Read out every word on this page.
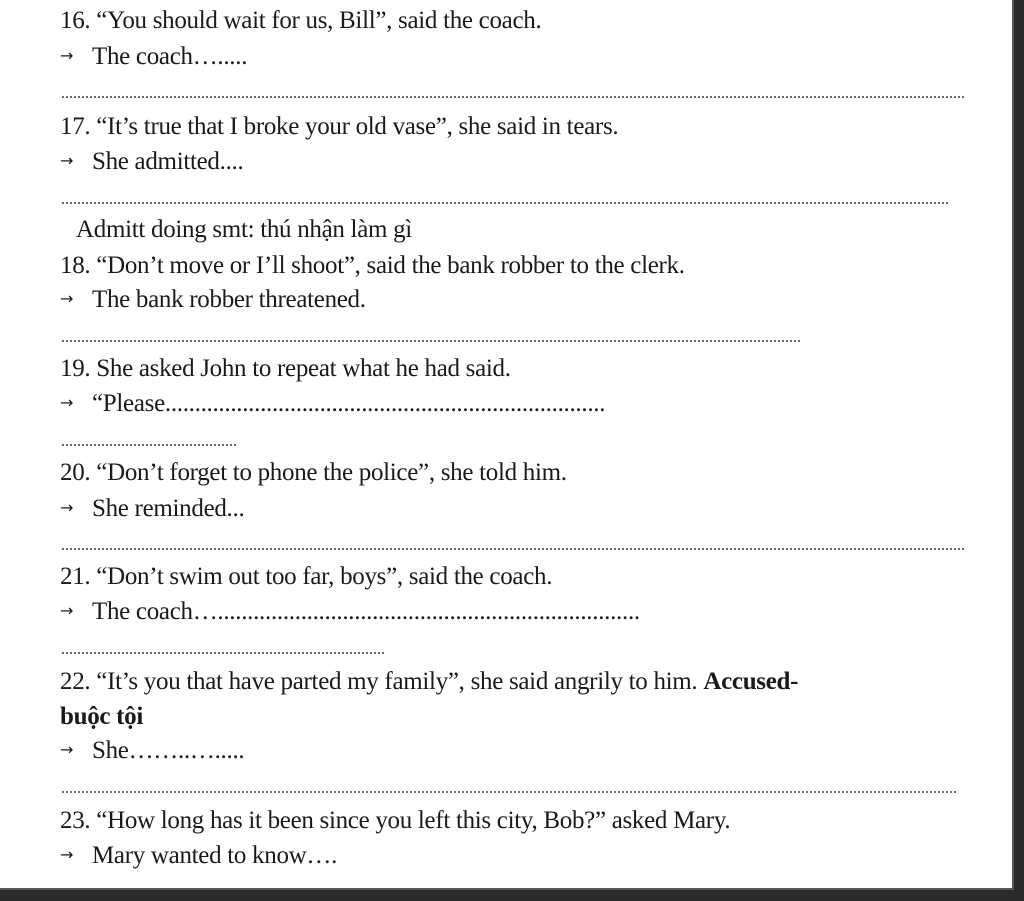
16. “You should wait for us, Bill”, said the coach.
→ The coach….....
17. “It’s true that I broke your old vase”, she said in tears.
→ She admitted....
Admitt doing smt: thú nhận làm gì
18. “Don’t move or I’ll shoot”, said the bank robber to the clerk.
→ The bank robber threatened.
19. She asked John to repeat what he had said.
→ “Please..........................................................................
20. “Don’t forget to phone the police”, she told him.
→ She reminded...
21. “Don’t swim out too far, boys”, said the coach.
→ The coach….......................................................................
22. “It’s you that have parted my family”, she said angrily to him. Accused-
buộc tội
→ She……..….....
23. “How long has it been since you left this city, Bob?” asked Mary.
→ Mary wanted to know….
